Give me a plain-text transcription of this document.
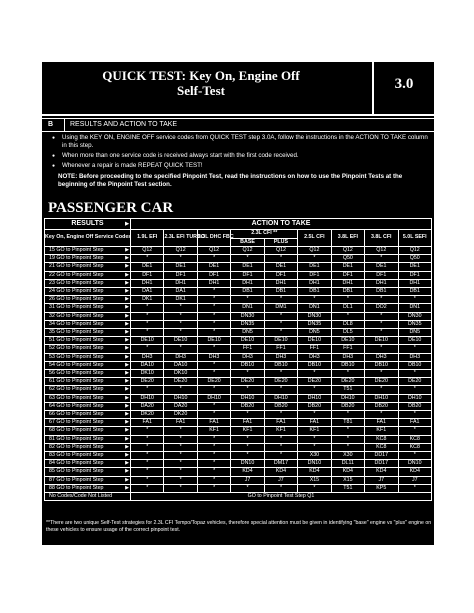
QUICK TEST: Key On, Engine Off
Self-Test	3.0
B	RESULTS AND ACTION TO TAKE
● Using the KEY ON, ENGINE OFF service codes from QUICK TEST step 3.0A, follow the instructions in the ACTION TO TAKE column in this step.
● When more than one service code is received always start with the first code received.
● Whenever a repair is made REPEAT QUICK TEST!
NOTE: Before proceeding to the specified Pinpoint Test, read the instructions on how to use the Pinpoint Tests at the beginning of the Pinpoint Test section.
PASSENGER CAR
RESULTS ▶	ACTION TO TAKE								
Key On, Engine Off Service Codes	1.9L EFI	2.3L EFI TURBO	2.3L DHC FBC	2.3L CFI **		2.5L CFI	3.8L EFI	3.8L CFI	5.0L SEFI
				BASE	PLUS				
15 GO to Pinpoint Step ▶	Q12	Q12	Q12	Q12	Q12	Q12	Q12	Q12	Q12
19 GO to Pinpoint Step ▶	*	*	*	*	*	*	Q50	*	Q50
21 GO to Pinpoint Step ▶	DE1	DE1	DE1	DE1	DE1	DE1	DE1	DE1	DE1
22 GO to Pinpoint Step ▶	DF1	DF1	DF1	DF1	DF1	DF1	DF1	DF1	DF1
23 GO to Pinpoint Step ▶	DH1	DH1	DH1	DH1	DH1	DH1	DH1	DH1	DH1
24 GO to Pinpoint Step ▶	DA1	DA1	*	DB1	DB1	DB1	DB1	DB1	DB1
26 GO to Pinpoint Step ▶	DK1	DK1	*	*	*	*	*	*	*
31 GO to Pinpoint Step ▶	*	*	*	DN1	DM1	DN1	DL1	DO2	DN1
32 GO to Pinpoint Step ▶	*	*	*	DN30	*	DN30	*	*	DN30
34 GO to Pinpoint Step ▶	*	*	*	DN35	*	DN35	DL8	*	DN35
35 GO to Pinpoint Step ▶	*	*	*	DN5	*	DN5	DL5	*	DN5
51 GO to Pinpoint Step ▶	DE10	DE10	DE10	DE10	DE10	DE10	DE10	DE10	DE10
52 GO to Pinpoint Step ▶	*	*	*	FF1	FF1	FF1	FF1	*	*
53 GO to Pinpoint Step ▶	DH3	DH3	DH3	DH3	DH3	DH3	DH3	DH3	DH3
54 GO to Pinpoint Step ▶	DA10	DA10	*	DB10	DB10	DB10	DB10	DB10	DB10
56 GO to Pinpoint Step ▶	DK10	DK10	*	*	*	*	*	*	*
61 GO to Pinpoint Step ▶	DE20	DE20	DE20	DE20	DE20	DE20	DE20	DE20	DE20
62 GO to Pinpoint Step ▶	*	*	*	*	*	*	T51	*	*
63 GO to Pinpoint Step ▶	DH10	DH10	DH10	DH10	DH10	DH10	DH10	DH10	DH10
64 GO to Pinpoint Step ▶	DA20	DA20	*	DB20	DB20	DB20	DB20	DB20	DB20
66 GO to Pinpoint Step ▶	DK20	DK20	*	*	*	*	*	*	*
67 GO to Pinpoint Step ▶	FA1	FA1	FA1	FA1	FA1	FA1	T81	FA1	FA1
68 GO to Pinpoint Step ▶	*	*	KF1	KF1	KF1	KF1	*	KF1	*
81 GO to Pinpoint Step ▶	*	*	*	*	*	*	*	KC8	KC8
82 GO to Pinpoint Step ▶	*	*	*	*	*	*	*	KC8	KC8
83 GO to Pinpoint Step ▶	*	*	*	*	*	X30	X30	DD17	*
84 GO to Pinpoint Step ▶	*	*	*	DN10	DM17	DN10	DL11	DD17	DN10
85 GO to Pinpoint Step ▶	*	*	*	KD4	KD4	KD4	KD4	KD4	KD4
87 GO to Pinpoint Step ▶	*	*	*	J7	J7	X15	X15	J7	J7
88 GO to Pinpoint Step ▶	*	*	*	*	*	*	T51	KP5	*
No Codes/Code Not Listed	GO to Pinpoint Test Step Q1								
**There are two unique Self-Test strategies for 2.3L CFI Tempo/Topaz vehicles, therefore special attention must be given in identifying "base" engine vs "plus" engine on these vehicles to ensure usage of the correct pinpoint test.
